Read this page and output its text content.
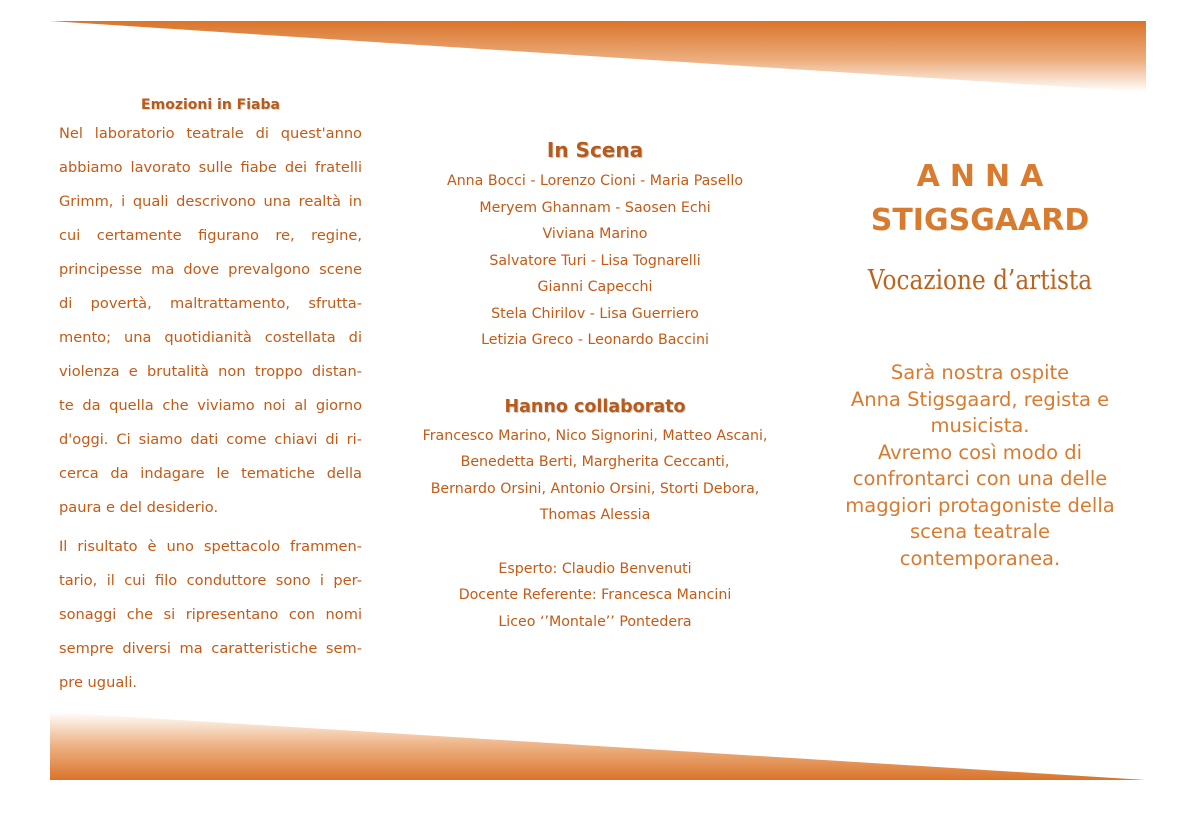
Emozioni in Fiaba
Nel laboratorio teatrale di quest'anno
abbiamo lavorato sulle fiabe dei fratelli
Grimm, i quali descrivono una realtà in
cui certamente figurano re, regine,
principesse ma dove prevalgono scene
di povertà, maltrattamento, sfrutta-
mento; una quotidianità costellata di
violenza e brutalità non troppo distan-
te da quella che viviamo noi al giorno
d'oggi. Ci siamo dati come chiavi di ri-
cerca da indagare le tematiche della
paura e del desiderio.
Il risultato è uno spettacolo frammen-
tario, il cui filo conduttore sono i per-
sonaggi che si ripresentano con nomi
sempre diversi ma caratteristiche sem-
pre uguali.
In Scena
Anna Bocci - Lorenzo Cioni - Maria Pasello
Meryem Ghannam - Saosen Echi
Viviana Marino
Salvatore Turi - Lisa Tognarelli
Gianni Capecchi
Stela Chirilov - Lisa Guerriero
Letizia Greco - Leonardo Baccini
Hanno collaborato
Francesco Marino, Nico Signorini, Matteo Ascani,
Benedetta Berti, Margherita Ceccanti,
Bernardo Orsini, Antonio Orsini, Storti Debora,
Thomas Alessia
Esperto: Claudio Benvenuti
Docente Referente: Francesca Mancini
Liceo ‘’Montale’’ Pontedera
ANNA
STIGSGAARD
Vocazione d’artista
Sarà nostra ospite
Anna Stigsgaard, regista e
musicista.
Avremo così modo di
confrontarci con una delle
maggiori protagoniste della
scena teatrale
contemporanea.
